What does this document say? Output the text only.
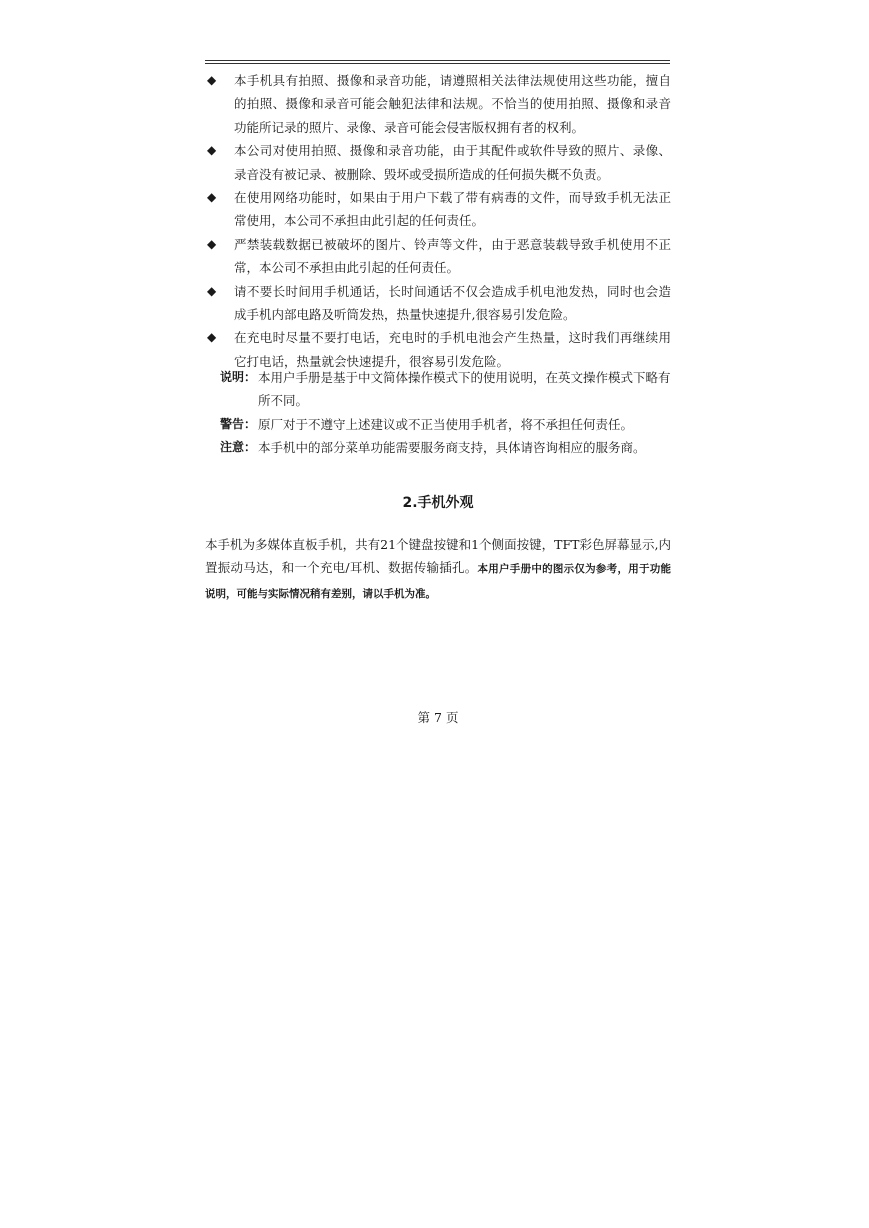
◆ 本手机具有拍照、摄像和录音功能，请遵照相关法律法规使用这些功能，擅自的拍照、摄像和录音可能会触犯法律和法规。不恰当的使用拍照、摄像和录音功能所记录的照片、录像、录音可能会侵害版权拥有者的权利。
◆ 本公司对使用拍照、摄像和录音功能，由于其配件或软件导致的照片、录像、录音没有被记录、被删除、毁坏或受损所造成的任何损失概不负责。
◆ 在使用网络功能时，如果由于用户下载了带有病毒的文件，而导致手机无法正常使用，本公司不承担由此引起的任何责任。
◆ 严禁装载数据已被破坏的图片、铃声等文件，由于恶意装载导致手机使用不正常，本公司不承担由此引起的任何责任。
◆ 请不要长时间用手机通话，长时间通话不仅会造成手机电池发热，同时也会造成手机内部电路及听筒发热，热量快速提升,很容易引发危险。
◆ 在充电时尽量不要打电话，充电时的手机电池会产生热量，这时我们再继续用它打电话，热量就会快速提升，很容易引发危险。
说明： 本用户手册是基于中文简体操作模式下的使用说明，在英文操作模式下略有所不同。
警告： 原厂对于不遵守上述建议或不正当使用手机者，将不承担任何责任。
注意： 本手机中的部分菜单功能需要服务商支持，具体请咨询相应的服务商。
2.手机外观
本手机为多媒体直板手机，共有21个键盘按键和1个侧面按键，TFT彩色屏幕显示,内置振动马达，和一个充电/耳机、数据传输插孔。本用户手册中的图示仅为参考，用于功能说明，可能与实际情况稍有差别，请以手机为准。
第 7 页
